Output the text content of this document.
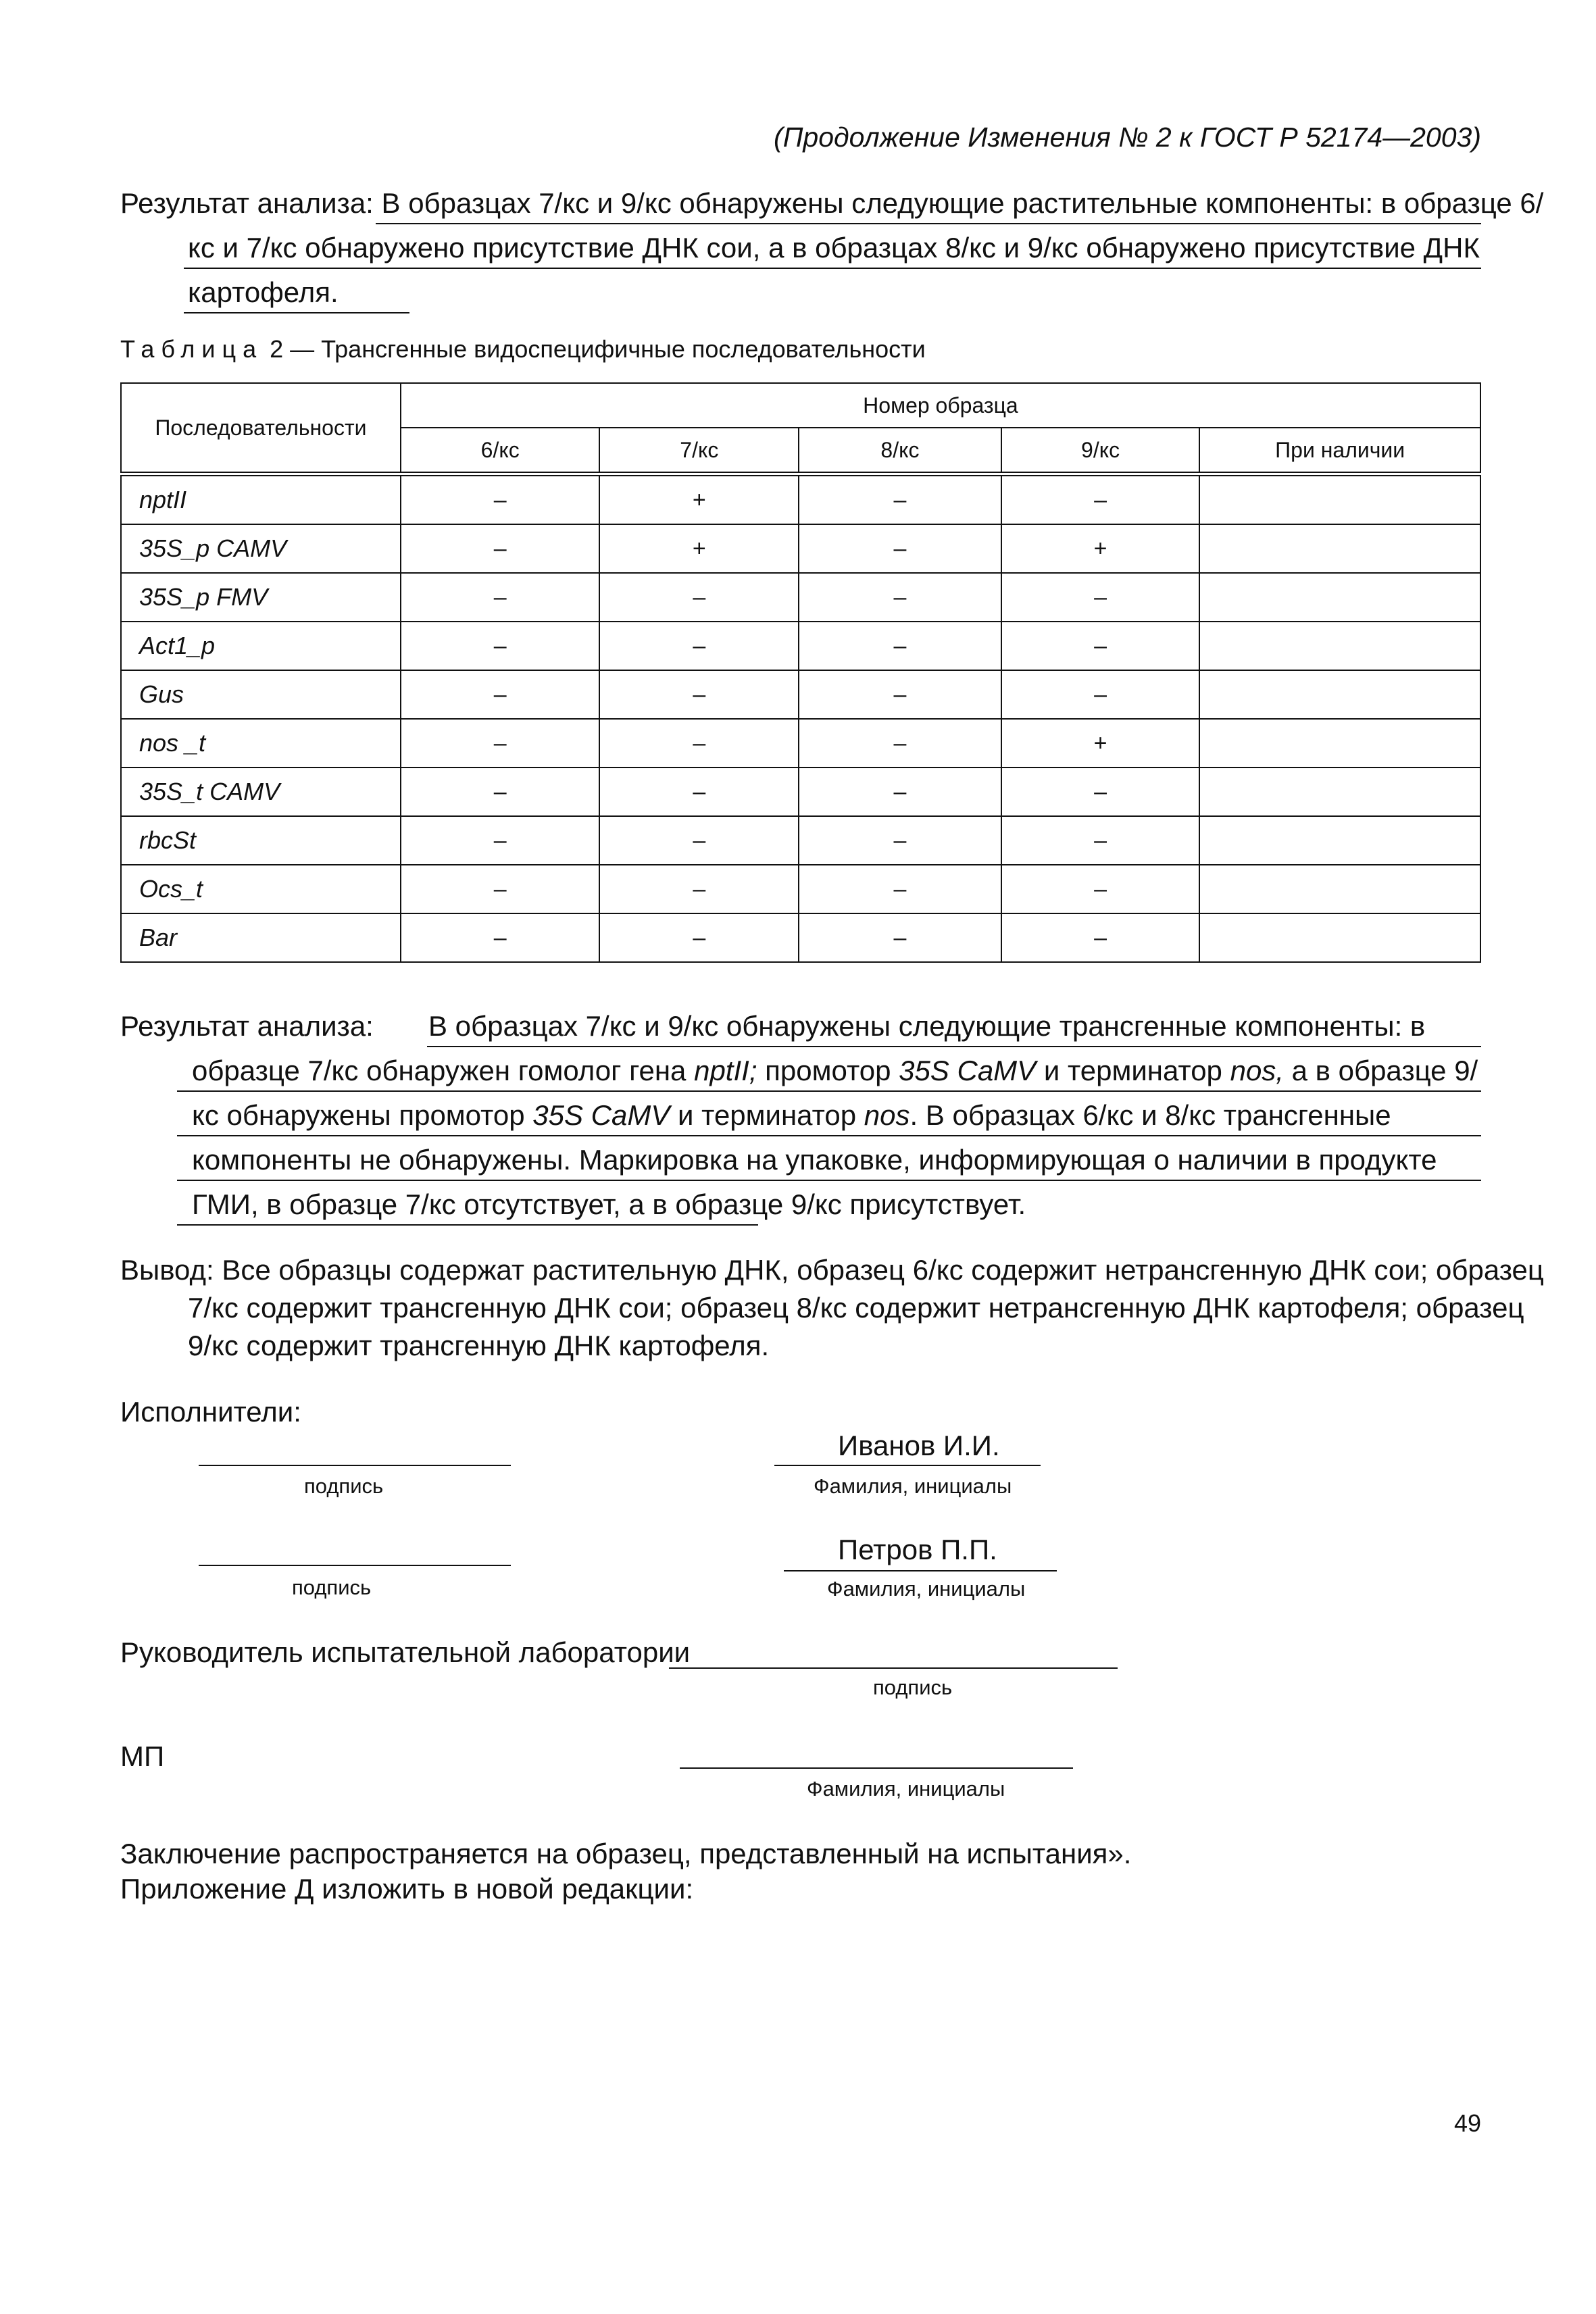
(Продолжение Изменения № 2 к ГОСТ Р 52174—2003)
Результат анализа: В образцах 7/кс и 9/кс обнаружены следующие растительные компоненты: в образце 6/кс и 7/кс обнаружено присутствие ДНК сои, а в образцах 8/кс и 9/кс обнаружено присутствие ДНК картофеля.
Таблица 2 — Трансгенные видоспецифичные последовательности
Последовательности	Номер образца				
	6/кс	7/кс	8/кс	9/кс	При наличии
nptII	–	+	–	–	
35S_p CAMV	–	+	–	+	
35S_p FMV	–	–	–	–	
Act1_p	–	–	–	–	
Gus	–	–	–	–	
nos _t	–	–	–	+	
35S_t CAMV	–	–	–	–	
rbcSt	–	–	–	–	
Ocs_t	–	–	–	–	
Bar	–	–	–	–	
Результат анализа:В образцах 7/кс и 9/кс обнаружены следующие трансгенные компоненты: в образце 7/кс обнаружен гомолог гена nptII; промотор 35S CaMV и терминатор nos, а в образце 9/кс обнаружены промотор 35S CaMV и терминатор nos. В образцах 6/кс и 8/кс трансгенные компоненты не обнаружены. Маркировка на упаковке, информирующая о наличии в продукте ГМИ, в образце 7/кс отсутствует, а в образце 9/кс присутствует.
Вывод: Все образцы содержат растительную ДНК, образец 6/кс содержит нетрансгенную ДНК сои; образец 7/кс содержит трансгенную ДНК сои; образец 8/кс содержит нетрансгенную ДНК картофеля; образец 9/кс содержит трансгенную ДНК картофеля.
Исполнители:
подпись
Иванов И.И.
Фамилия, инициалы
подпись
Петров П.П.
Фамилия, инициалы
Руководитель испытательной лаборатории
подпись
МП
Фамилия, инициалы
Заключение распространяется на образец, представленный на испытания».
Приложение Д изложить в новой редакции:
49
